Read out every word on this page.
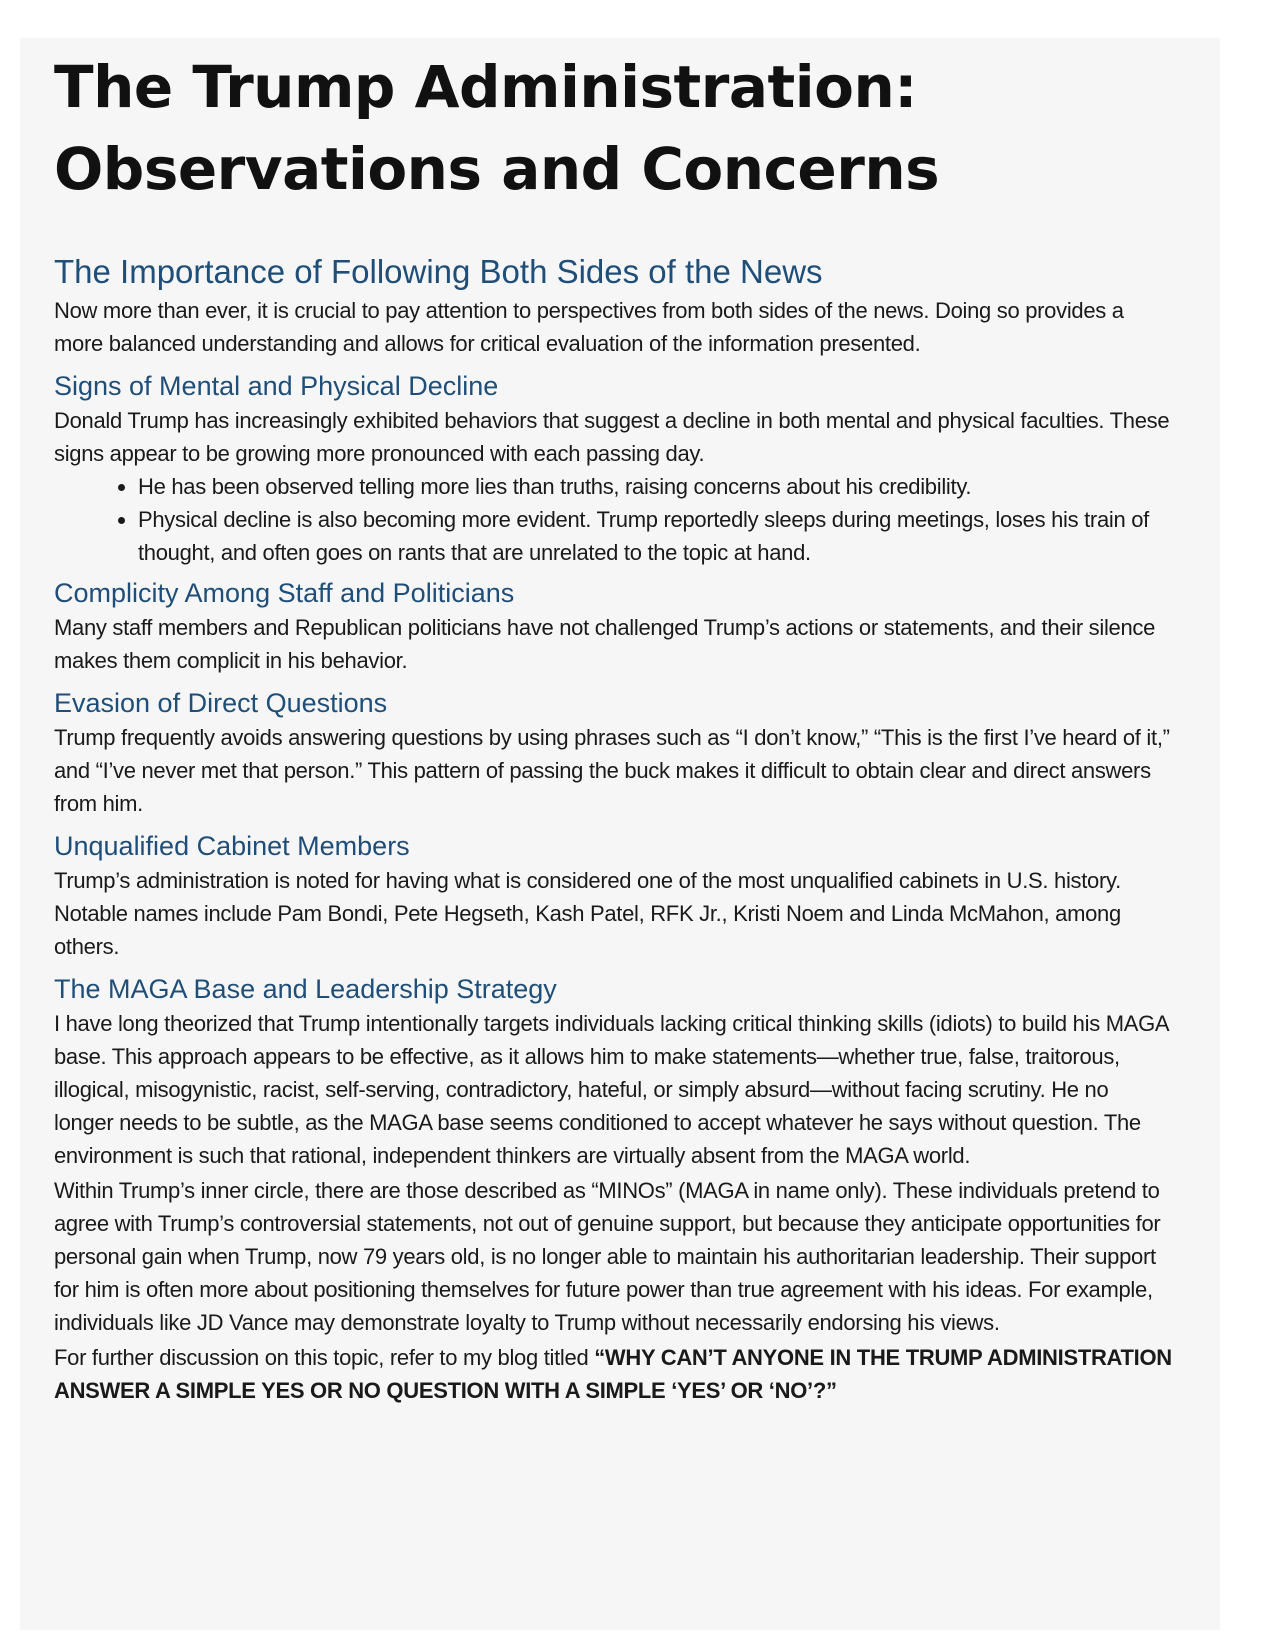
The Trump Administration:
Observations and Concerns
The Importance of Following Both Sides of the News

Now more than ever, it is crucial to pay attention to perspectives from both sides of the news. Doing so provides a more balanced understanding and allows for critical evaluation of the information presented.

Signs of Mental and Physical Decline

Donald Trump has increasingly exhibited behaviors that suggest a decline in both mental and physical faculties. These signs appear to be growing more pronounced with each passing day.

• He has been observed telling more lies than truths, raising concerns about his credibility.
• Physical decline is also becoming more evident. Trump reportedly sleeps during meetings, loses his train of thought, and often goes on rants that are unrelated to the topic at hand.
Complicity Among Staff and Politicians

Many staff members and Republican politicians have not challenged Trump’s actions or statements, and their silence makes them complicit in his behavior.

Evasion of Direct Questions

Trump frequently avoids answering questions by using phrases such as “I don’t know,” “This is the first I’ve heard of it,” and “I’ve never met that person.” This pattern of passing the buck makes it difficult to obtain clear and direct answers from him.

Unqualified Cabinet Members

Trump’s administration is noted for having what is considered one of the most unqualified cabinets in U.S. history. Notable names include Pam Bondi, Pete Hegseth, Kash Patel, RFK Jr., Kristi Noem and Linda McMahon, among others.

The MAGA Base and Leadership Strategy

I have long theorized that Trump intentionally targets individuals lacking critical thinking skills (idiots) to build his MAGA base. This approach appears to be effective, as it allows him to make statements—whether true, false, traitorous, illogical, misogynistic, racist, self-serving, contradictory, hateful, or simply absurd—without facing scrutiny. He no longer needs to be subtle, as the MAGA base seems conditioned to accept whatever he says without question. The environment is such that rational, independent thinkers are virtually absent from the MAGA world.

Within Trump’s inner circle, there are those described as “MINOs” (MAGA in name only). These individuals pretend to agree with Trump’s controversial statements, not out of genuine support, but because they anticipate opportunities for personal gain when Trump, now 79 years old, is no longer able to maintain his authoritarian leadership. Their support for him is often more about positioning themselves for future power than true agreement with his ideas. For example, individuals like JD Vance may demonstrate loyalty to Trump without necessarily endorsing his views.

For further discussion on this topic, refer to my blog titled “WHY CAN’T ANYONE IN THE TRUMP ADMINISTRATION ANSWER A SIMPLE YES OR NO QUESTION WITH A SIMPLE ‘YES’ OR ‘NO’?”
